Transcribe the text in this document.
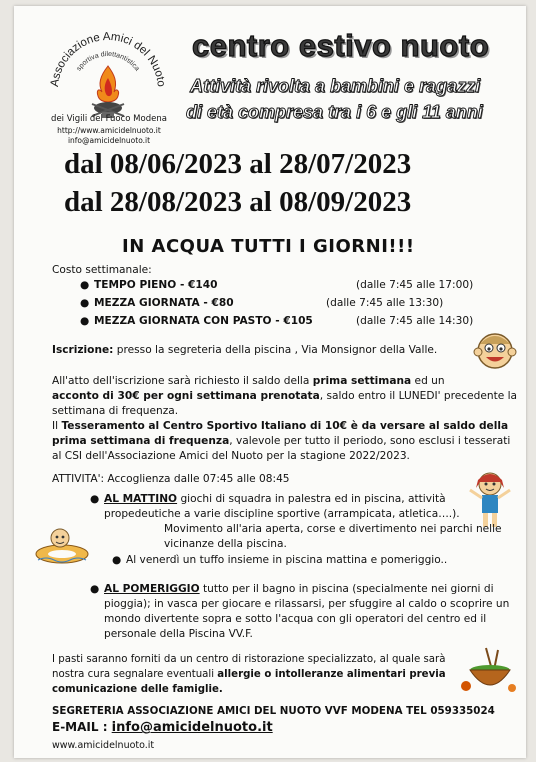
Associazione Amici del Nuoto
sportiva dilettantistica
dei Vigili del Fuoco Modena
http://www.amicidelnuoto.it
info@amicidelnuoto.it
centro estivo nuoto
Attività rivolta a bambini e ragazzi
di età compresa tra i 6 e gli 11 anni
dal 08/06/2023 al 28/07/2023
dal 28/08/2023 al 08/09/2023
IN ACQUA TUTTI I GIORNI!!!
Costo settimanale:
● TEMPO PIENO - €140	(dalle 7:45 alle 17:00)
● MEZZA GIORNATA - €80	(dalle 7:45 alle 13:30)
● MEZZA GIORNATA CON PASTO - €105	(dalle 7:45 alle 14:30)
Iscrizione: presso la segreteria della piscina , Via Monsignor della Valle.
All'atto dell'iscrizione sarà richiesto il saldo della prima settimana ed un
acconto di 30€ per ogni settimana prenotata, saldo entro il LUNEDI' precedente la
settimana di frequenza.
Il Tesseramento al Centro Sportivo Italiano di 10€ è da versare al saldo della
prima settimana di frequenza, valevole per tutto il periodo, sono esclusi i tesserati
al CSI dell'Associazione Amici del Nuoto per la stagione 2022/2023.
ATTIVITA': Accoglienza dalle 07:45 alle 08:45
● AL MATTINO giochi di squadra in palestra ed in piscina, attività
propedeutiche a varie discipline sportive (arrampicata, atletica….).
Movimento all'aria aperta, corse e divertimento nei parchi nelle
vicinanze della piscina.
● Al venerdì un tuffo insieme in piscina mattina e pomeriggio..
● AL POMERIGGIO tutto per il bagno in piscina (specialmente nei giorni di
pioggia); in vasca per giocare e rilassarsi, per sfuggire al caldo o scoprire un
mondo divertente sopra e sotto l'acqua con gli operatori del centro ed il
personale della Piscina VV.F.
I pasti saranno forniti da un centro di ristorazione specializzato, al quale sarà
nostra cura segnalare eventuali allergie o intolleranze alimentari previa
comunicazione delle famiglie.
SEGRETERIA ASSOCIAZIONE AMICI DEL NUOTO VVF MODENA TEL 059335024
E-MAIL : info@amicidelnuoto.it
www.amicidelnuoto.it
